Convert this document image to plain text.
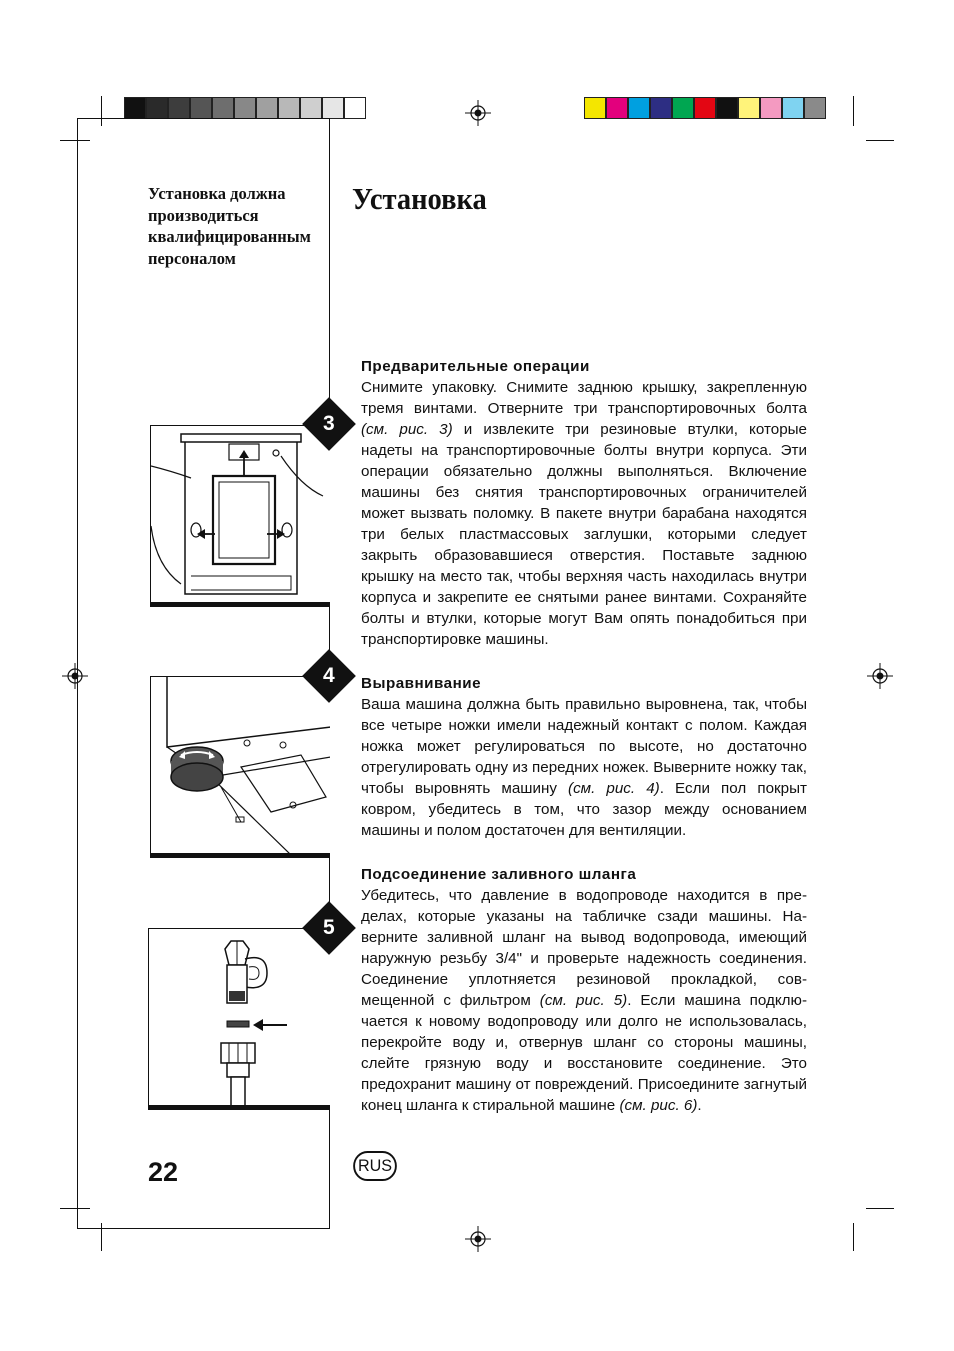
Установка должна
производиться
квалифицированным
персоналом
Установка
Предварительные операции

Снимите упаковку. Снимите заднюю крышку, закрепленную тремя винтами. Отверните три транспортировочных болта (см. рис. 3) и извлеките три резиновые втулки, которые надеты на транспортировочные болты внутри корпуса. Эти операции обязательно должны выполняться. Включение машины без снятия транспортировочных ограничителей может вызвать поломку. В пакете внутри барабана находятся три белых пластмассовых заглушки, которыми следует закрыть образовавшиеся отверстия. Поставьте заднюю крышку на место так, чтобы верхняя часть находилась внутри корпуса и закрепите ее снятыми ранее винтами. Сохраняйте болты и втулки, которые могут Вам опять понадобиться при транспортировке машины.

Выравнивание

Ваша машина должна быть правильно выровнена, так, чтобы все четыре ножки имели надежный контакт с полом. Каждая ножка может регулироваться по высоте, но достаточно отрегулировать одну из передних ножек. Выверните ножку так, чтобы выровнять машину (см. рис. 4). Если пол покрыт ковром, убедитесь в том, что зазор между основанием машины и полом достаточен для вентиляции.

Подсоединение заливного шланга

Убедитесь, что давление в водопроводе находится в пределах, которые указаны на табличке сзади машины. Наверните заливной шланг на вывод водопровода, имеющий наружную резьбу 3/4" и проверьте надежность соединения. Соединение уплотняется резиновой прокладкой, совмещенной с фильтром (см. рис. 5). Если машина подключается к новому водопроводу или долго не использовалась, перекройте воду и, отвернув шланг со стороны машины, слейте грязную воду и восстановите соединение. Это предохранит машину от повреждений. Присоедините загнутый конец шланга к стиральной машине (см. рис. 6).

3
4
5
22	RUS
